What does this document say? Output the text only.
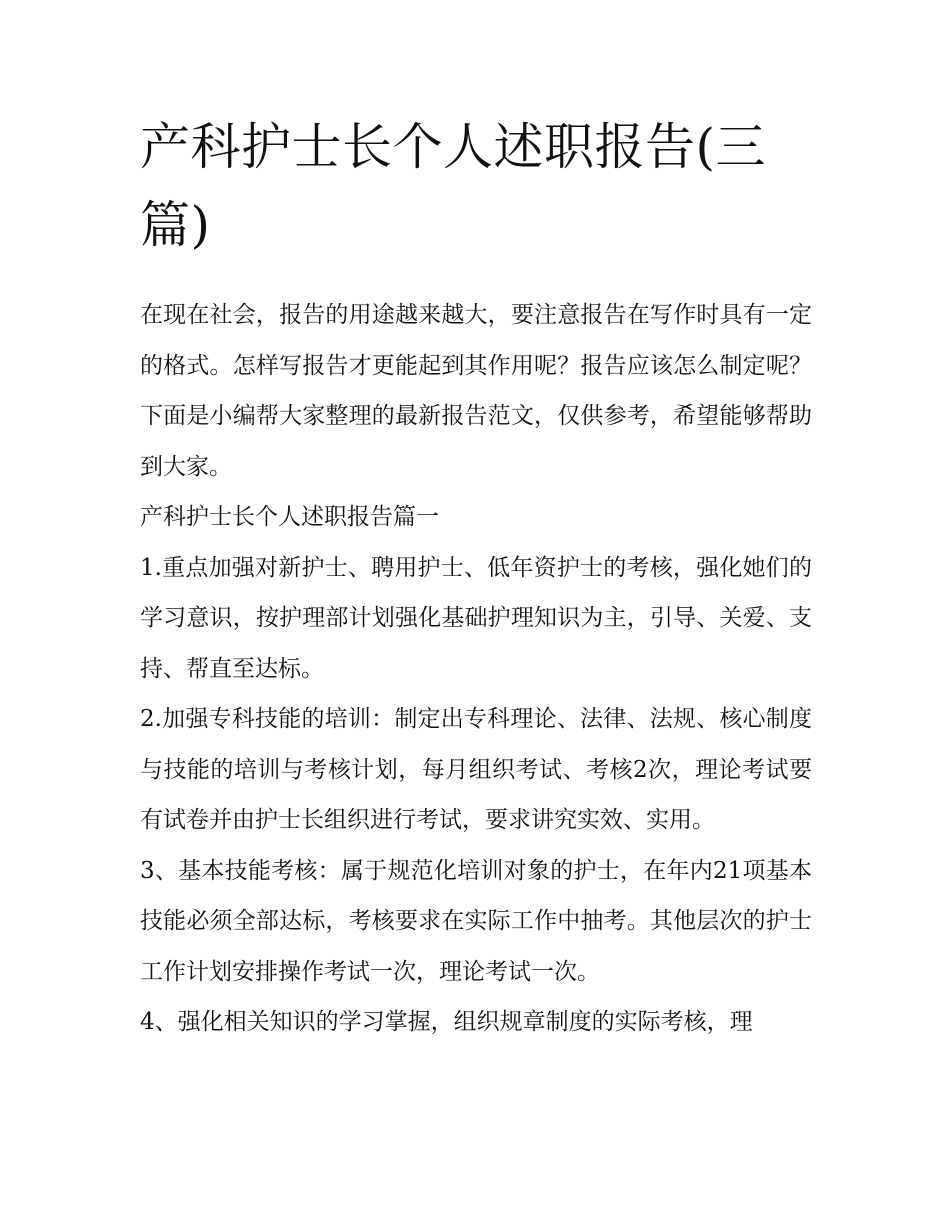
产科护士长个人述职报告(三篇)

在现在社会，报告的用途越来越大，要注意报告在写作时具有一定的格式。怎样写报告才更能起到其作用呢？报告应该怎么制定呢？下面是小编帮大家整理的最新报告范文，仅供参考，希望能够帮助到大家。

产科护士长个人述职报告篇一

1.重点加强对新护士、聘用护士、低年资护士的考核，强化她们的学习意识，按护理部计划强化基础护理知识为主，引导、关爱、支持、帮直至达标。

2.加强专科技能的培训：制定出专科理论、法律、法规、核心制度与技能的培训与考核计划，每月组织考试、考核2次，理论考试要有试卷并由护士长组织进行考试，要求讲究实效、实用。

3、基本技能考核：属于规范化培训对象的护士，在年内21项基本技能必须全部达标，考核要求在实际工作中抽考。其他层次的护士工作计划安排操作考试一次，理论考试一次。

4、强化相关知识的学习掌握，组织规章制度的实际考核，理
